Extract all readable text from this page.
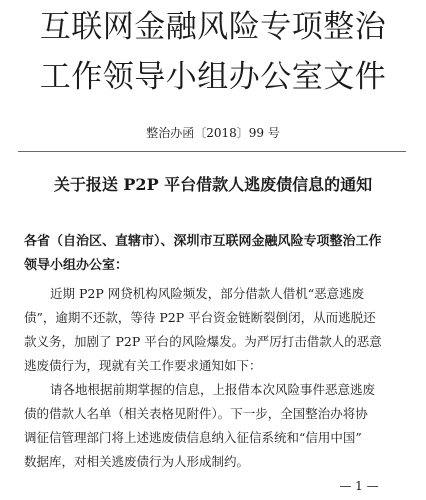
互联网金融风险专项整治
工作领导小组办公室文件
整治办函〔2018〕99 号
关于报送 P2P 平台借款人逃废债信息的通知
各省（自治区、直辖市）、深圳市互联网金融风险专项整治工作
领导小组办公室：
近期 P2P 网贷机构风险频发，部分借款人借机“恶意逃废
债”，逾期不还款，等待 P2P 平台资金链断裂倒闭，从而逃脱还
款义务，加剧了 P2P 平台的风险爆发。为严厉打击借款人的恶意
逃废债行为，现就有关工作要求通知如下：
请各地根据前期掌握的信息，上报借本次风险事件恶意逃废
债的借款人名单（相关表格见附件）。下一步，全国整治办将协
调征信管理部门将上述逃废债信息纳入征信系统和“信用中国”
数据库，对相关逃废债行为人形成制约。
— 1 —
